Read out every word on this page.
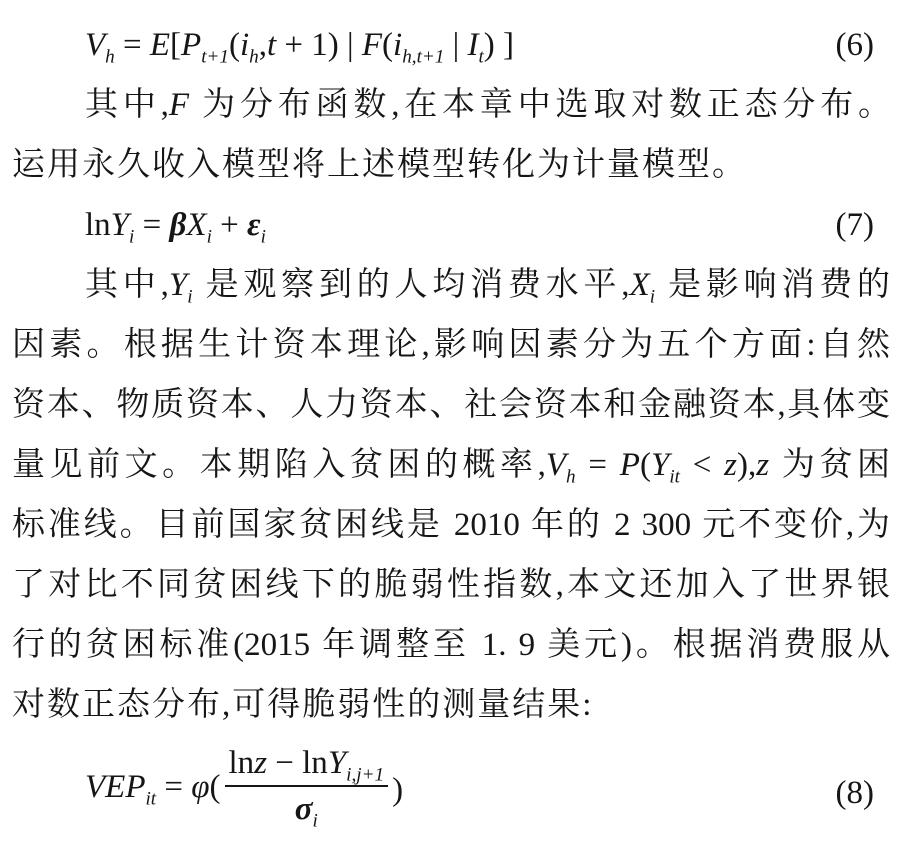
$V_h = E[P_{t+1}(i_h,t + 1)$ | $F(i_{h,t+1}$ | $I_t$) ]	(6)
其中,F 为分布函数,在本章中选取对数正态分布。
运用永久收入模型将上述模型转化为计量模型。
$\ln Y_i = \beta X_i + \varepsilon_i$	(7)
其中$,Y_i$ 是观察到的人均消费水平$,X_i$ 是影响消费的
因素。根据生计资本理论,影响因素分为五个方面:自然
资本、物质资本、人力资本、社会资本和金融资本,具体变
量见前文。本期陷入贫困的概率$,V_h = P(Y_{it} < z),z$ 为贫困
标准线。目前国家贫困线是 2010 年的 2 300 元不变价,为
了对比不同贫困线下的脆弱性指数,本文还加入了世界银
行的贫困标准(2015 年调整至 1. 9 美元)。根据消费服从
对数正态分布,可得脆弱性的测量结果:
$VEP_{it} = \varphi( \frac{\ln z - \ln Y_{i,j+1}}{\sigma_i}$ )	(8)
